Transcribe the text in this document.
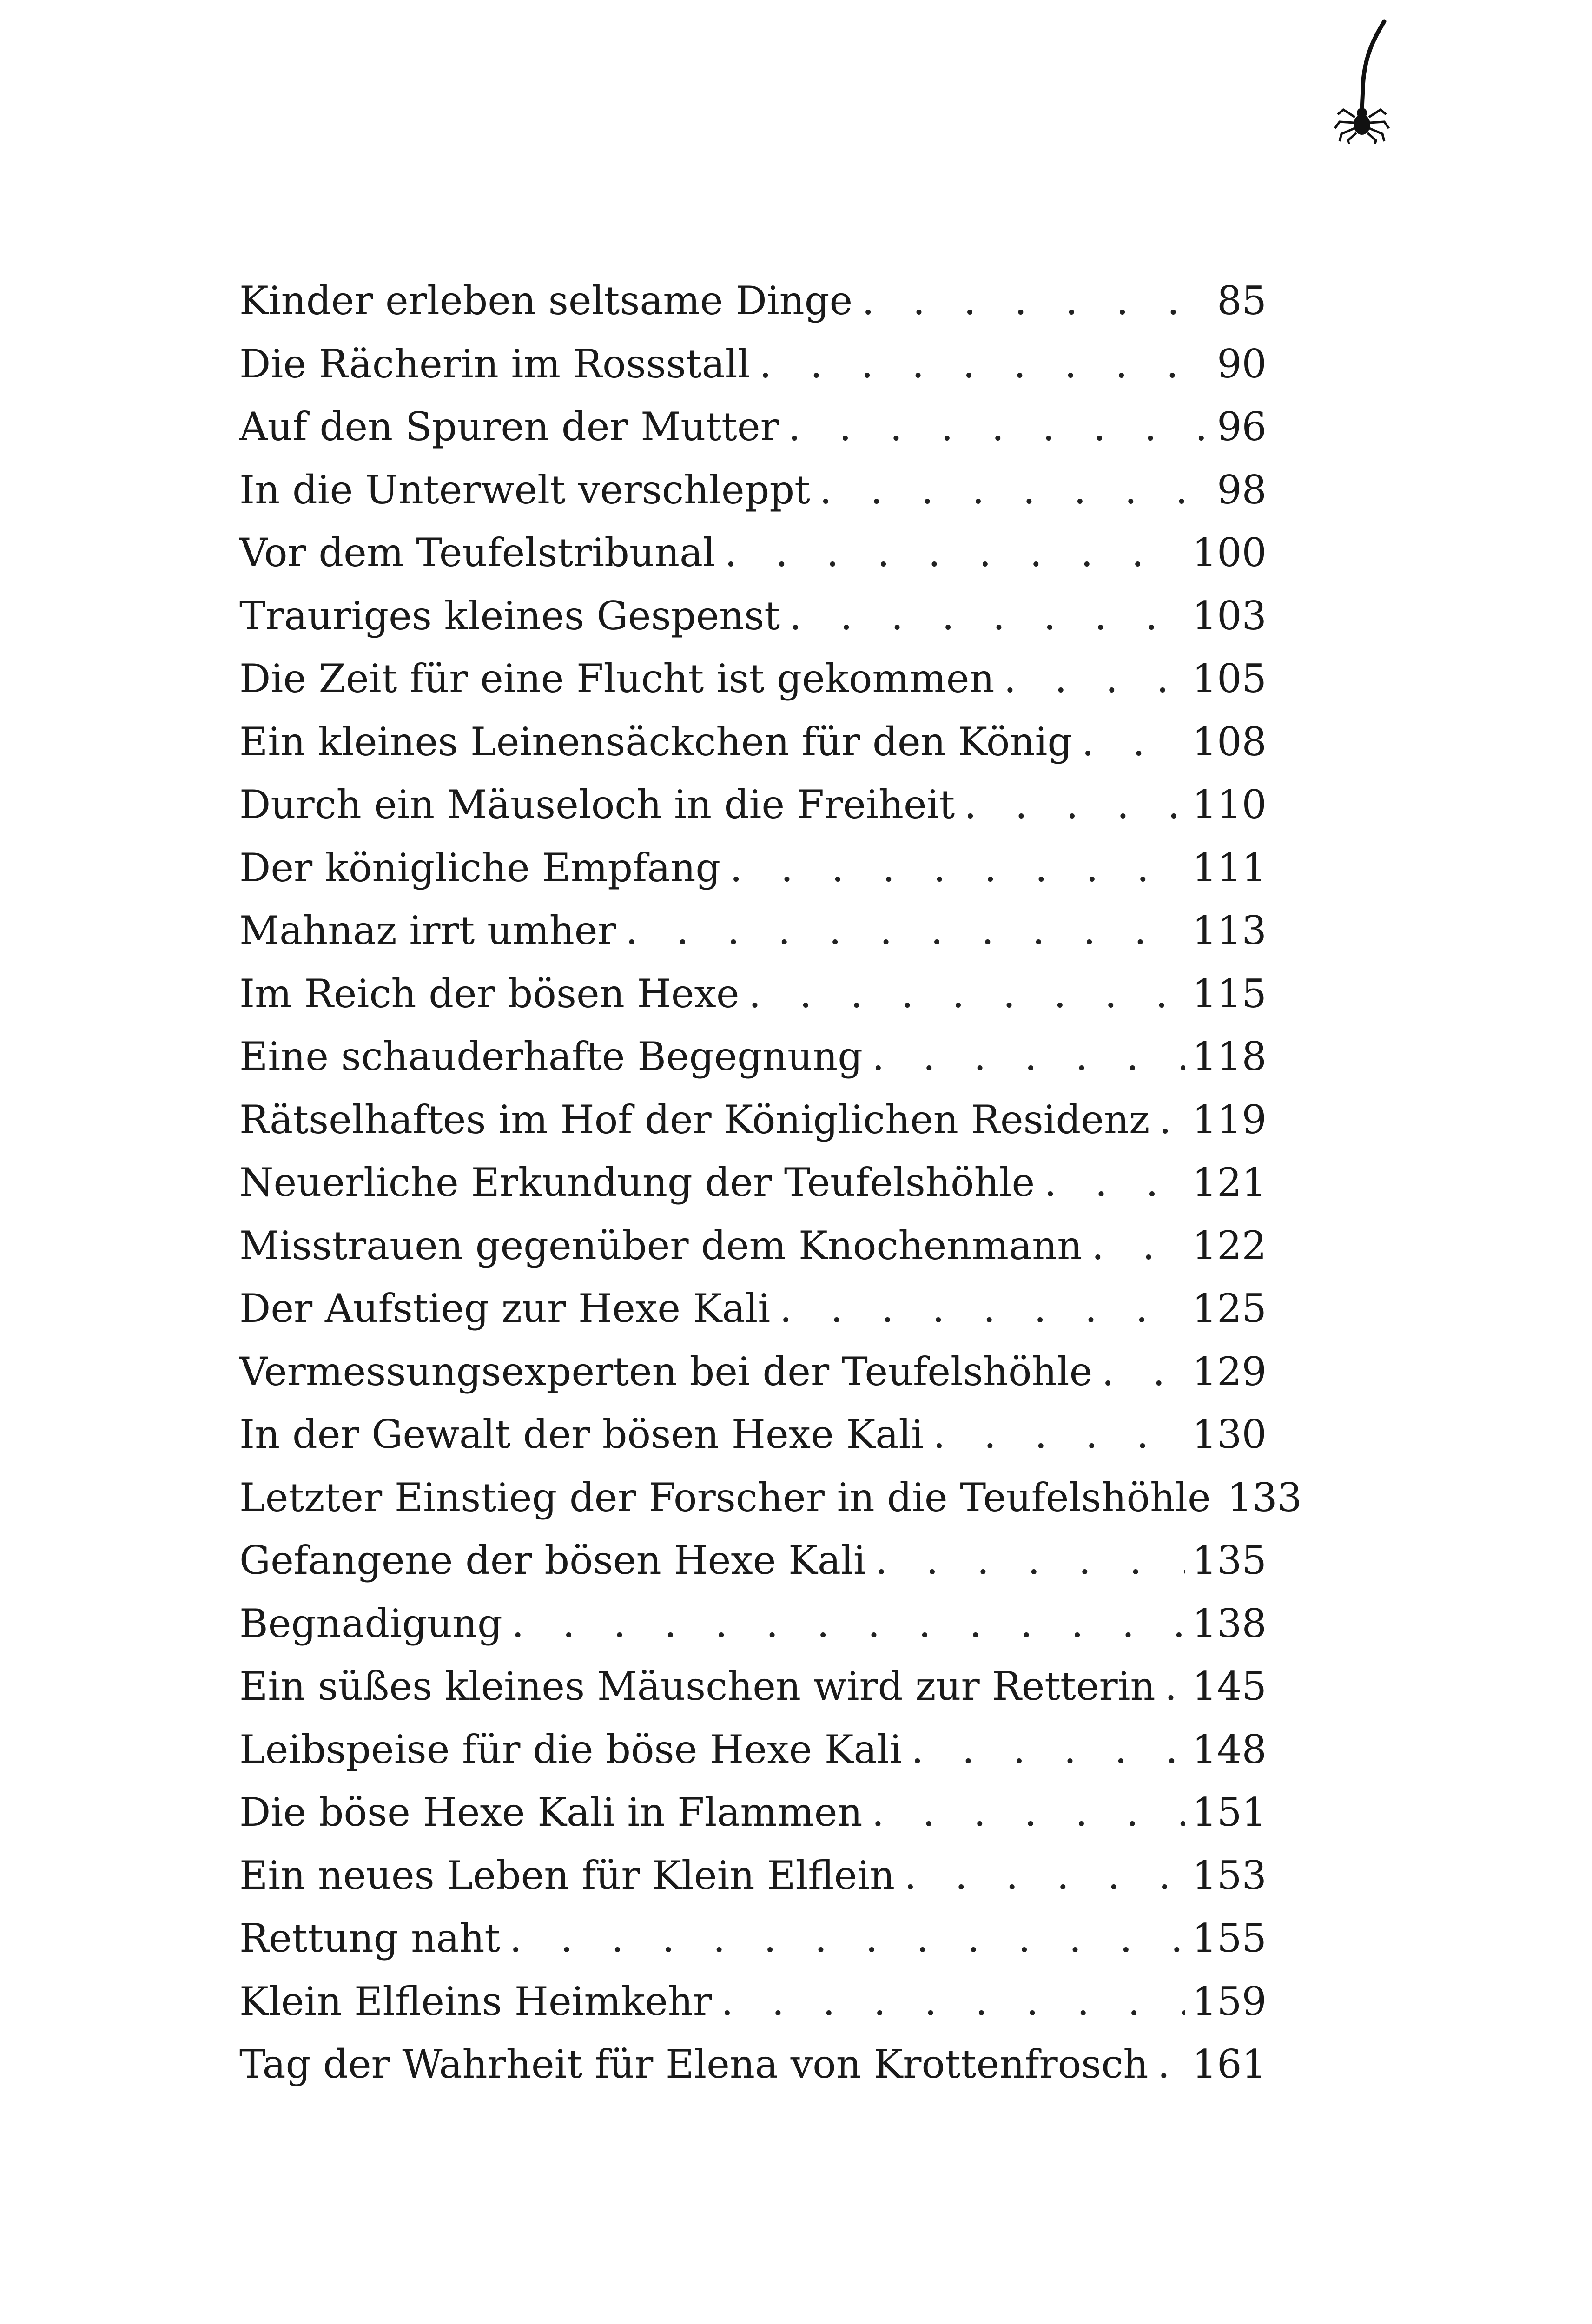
Kinder erleben seltsame Dinge . . .	85
Die Rächerin im Rossstall . . .	90
Auf den Spuren der Mutter . . .	96
In die Unterwelt verschleppt . . .	98
Vor dem Teufelstribunal . . .	100
Trauriges kleines Gespenst . . .	103
Die Zeit für eine Flucht ist gekommen . . .	105
Ein kleines Leinensäckchen für den König . . .	108
Durch ein Mäuseloch in die Freiheit . . .	110
Der königliche Empfang . . .	111
Mahnaz irrt umher . . .	113
Im Reich der bösen Hexe . . .	115
Eine schauderhafte Begegnung . . .	118
Rätselhaftes im Hof der Königlichen Residenz . . . 119
Neuerliche Erkundung der Teufelshöhle . . .	121
Misstrauen gegenüber dem Knochenmann . . .	122
Der Aufstieg zur Hexe Kali . . .	125
Vermessungsexperten bei der Teufelshöhle . . .	129
In der Gewalt der bösen Hexe Kali . . .	130
Letzter Einstieg der Forscher in die Teufelshöhle 133
Gefangene der bösen Hexe Kali . . .	135
Begnadigung . . .	138
Ein süßes kleines Mäuschen wird zur Retterin . . . 145
Leibspeise für die böse Hexe Kali . . .	148
Die böse Hexe Kali in Flammen . . .	151
Ein neues Leben für Klein Elflein . . .	153
Rettung naht . . .	155
Klein Elfleins Heimkehr . . .	159
Tag der Wahrheit für Elena von Krottenfrosch . . . 161
